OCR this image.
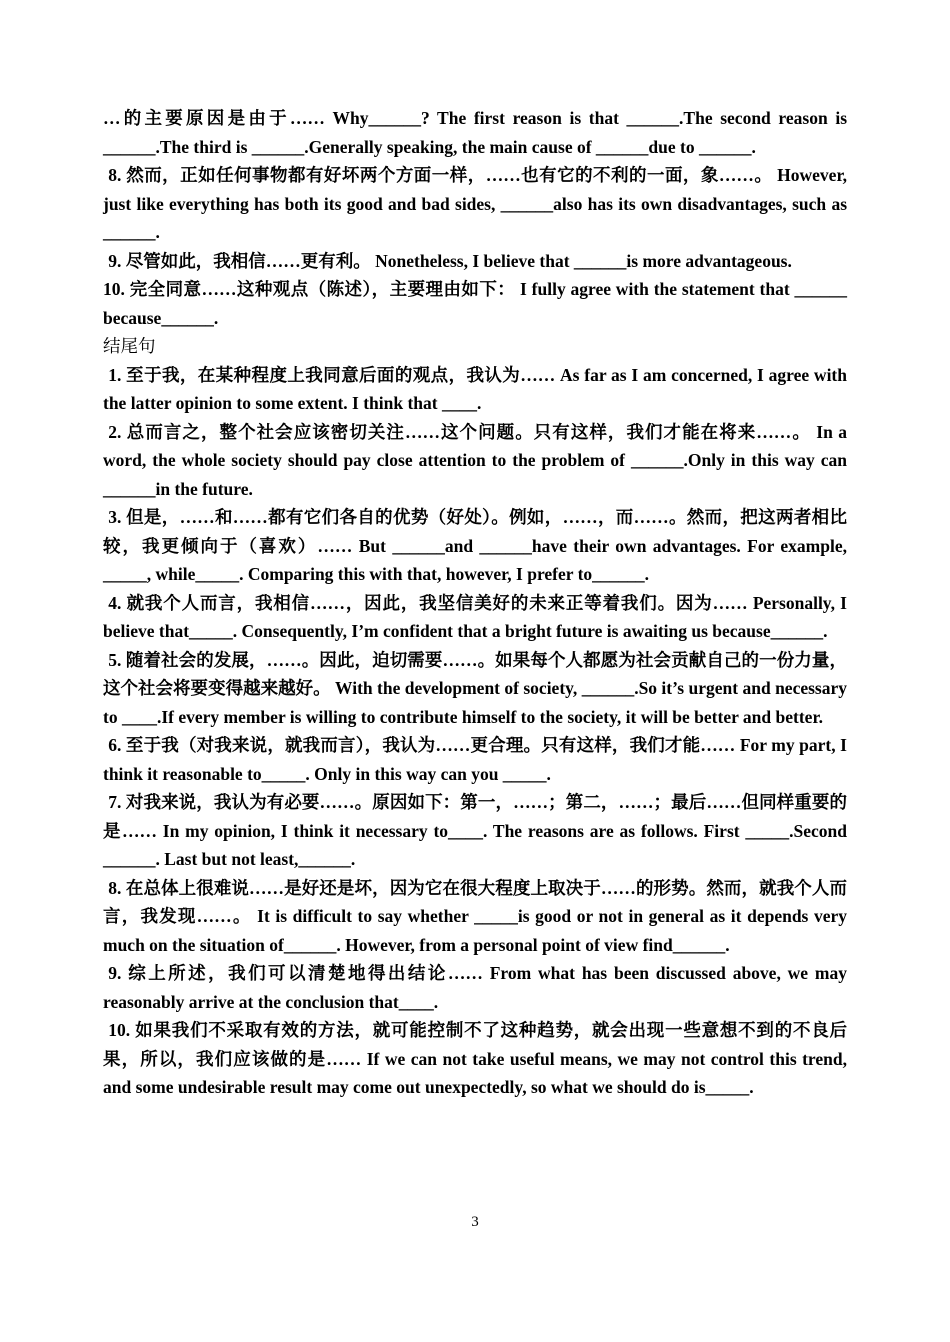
…的主要原因是由于…… Why______? The first reason is that ______.The second reason is ______.The third is ______.Generally speaking, the main cause of ______due to ______.

8. 然而，正如任何事物都有好坏两个方面一样，……也有它的不利的一面，象……。 However, just like everything has both its good and bad sides, ______also has its own disadvantages, such as ______.

9. 尽管如此，我相信……更有利。 Nonetheless, I believe that ______is more advantageous.

10. 完全同意……这种观点（陈述），主要理由如下： I fully agree with the statement that ______ because______.

结尾句

1. 至于我，在某种程度上我同意后面的观点，我认为…… As far as I am concerned, I agree with the latter opinion to some extent. I think that ____.

2. 总而言之，整个社会应该密切关注……这个问题。只有这样，我们才能在将来……。 In a word, the whole society should pay close attention to the problem of ______.Only in this way can ______in the future.

3. 但是，……和……都有它们各自的优势（好处）。例如，……，而……。然而，把这两者相比较，我更倾向于（喜欢）…… But ______and ______have their own advantages. For example, _____, while_____. Comparing this with that, however, I prefer to______.

4. 就我个人而言，我相信……，因此，我坚信美好的未来正等着我们。因为…… Personally, I believe that_____. Consequently, I’m confident that a bright future is awaiting us because______.

5. 随着社会的发展，……。因此，迫切需要……。如果每个人都愿为社会贡献自己的一份力量，这个社会将要变得越来越好。 With the development of society, ______.So it’s urgent and necessary to ____.If every member is willing to contribute himself to the society, it will be better and better.

6. 至于我（对我来说，就我而言），我认为……更合理。只有这样，我们才能…… For my part, I think it reasonable to_____. Only in this way can you _____.

7. 对我来说，我认为有必要……。原因如下：第一，……；第二，……；最后……但同样重要的是…… In my opinion, I think it necessary to____. The reasons are as follows. First _____.Second ______. Last but not least,______.

8. 在总体上很难说……是好还是坏，因为它在很大程度上取决于……的形势。然而，就我个人而言，我发现……。 It is difficult to say whether _____is good or not in general as it depends very much on the situation of______. However, from a personal point of view find______.

9. 综上所述，我们可以清楚地得出结论…… From what has been discussed above, we may reasonably arrive at the conclusion that____.

10. 如果我们不采取有效的方法，就可能控制不了这种趋势，就会出现一些意想不到的不良后果，所以，我们应该做的是…… If we can not take useful means, we may not control this trend, and some undesirable result may come out unexpectedly, so what we should do is_____.

3
